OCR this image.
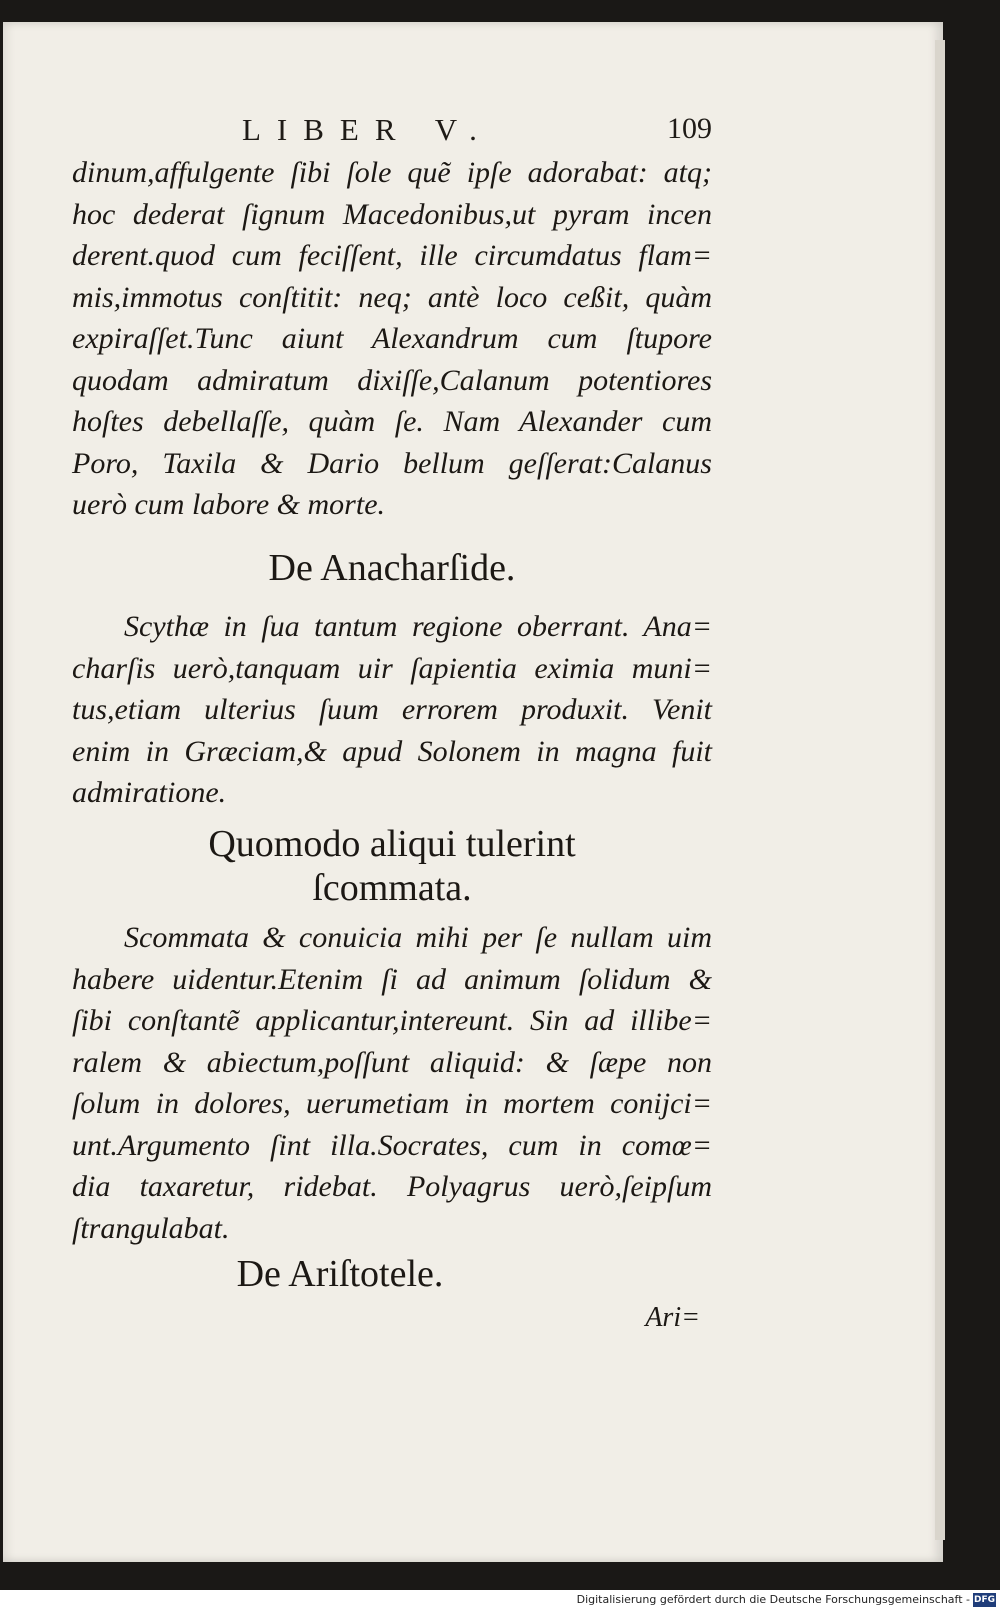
LIBER V.	109
dinum,affulgente ſibi ſole quẽ ipſe adorabat: atq;
hoc dederat ſignum Macedonibus,ut pyram incen
derent.quod cum feciſſent, ille circumdatus flam=
mis,immotus conſtitit: neq; antè loco ceßit, quàm
expiraſſet.Tunc aiunt Alexandrum cum ſtupore
quodam admiratum dixiſſe,Calanum potentiores
hoſtes debellaſſe, quàm ſe. Nam Alexander cum
Poro, Taxila & Dario bellum geſſerat:Calanus
uerò cum labore & morte.
De Anacharſide.
Scythæ in ſua tantum regione oberrant. Ana=
charſis uerò,tanquam uir ſapientia eximia muni=
tus,etiam ulterius ſuum errorem produxit. Venit
enim in Græciam,& apud Solonem in magna fuit
admiratione.
Quomodo aliqui tulerint
ſcommata.
Scommata & conuicia mihi per ſe nullam uim
habere uidentur.Etenim ſi ad animum ſolidum &
ſibi conſtantẽ applicantur,intereunt. Sin ad illibe=
ralem & abiectum,poſſunt aliquid: & ſæpe non
ſolum in dolores, uerumetiam in mortem conijci=
unt.Argumento ſint illa.Socrates, cum in comœ=
dia taxaretur, ridebat. Polyagrus uerò,ſeipſum
ſtrangulabat.
De Ariſtotele.
Ari=
Digitalisierung gefördert durch die Deutsche Forschungsgemeinschaft - DFG
